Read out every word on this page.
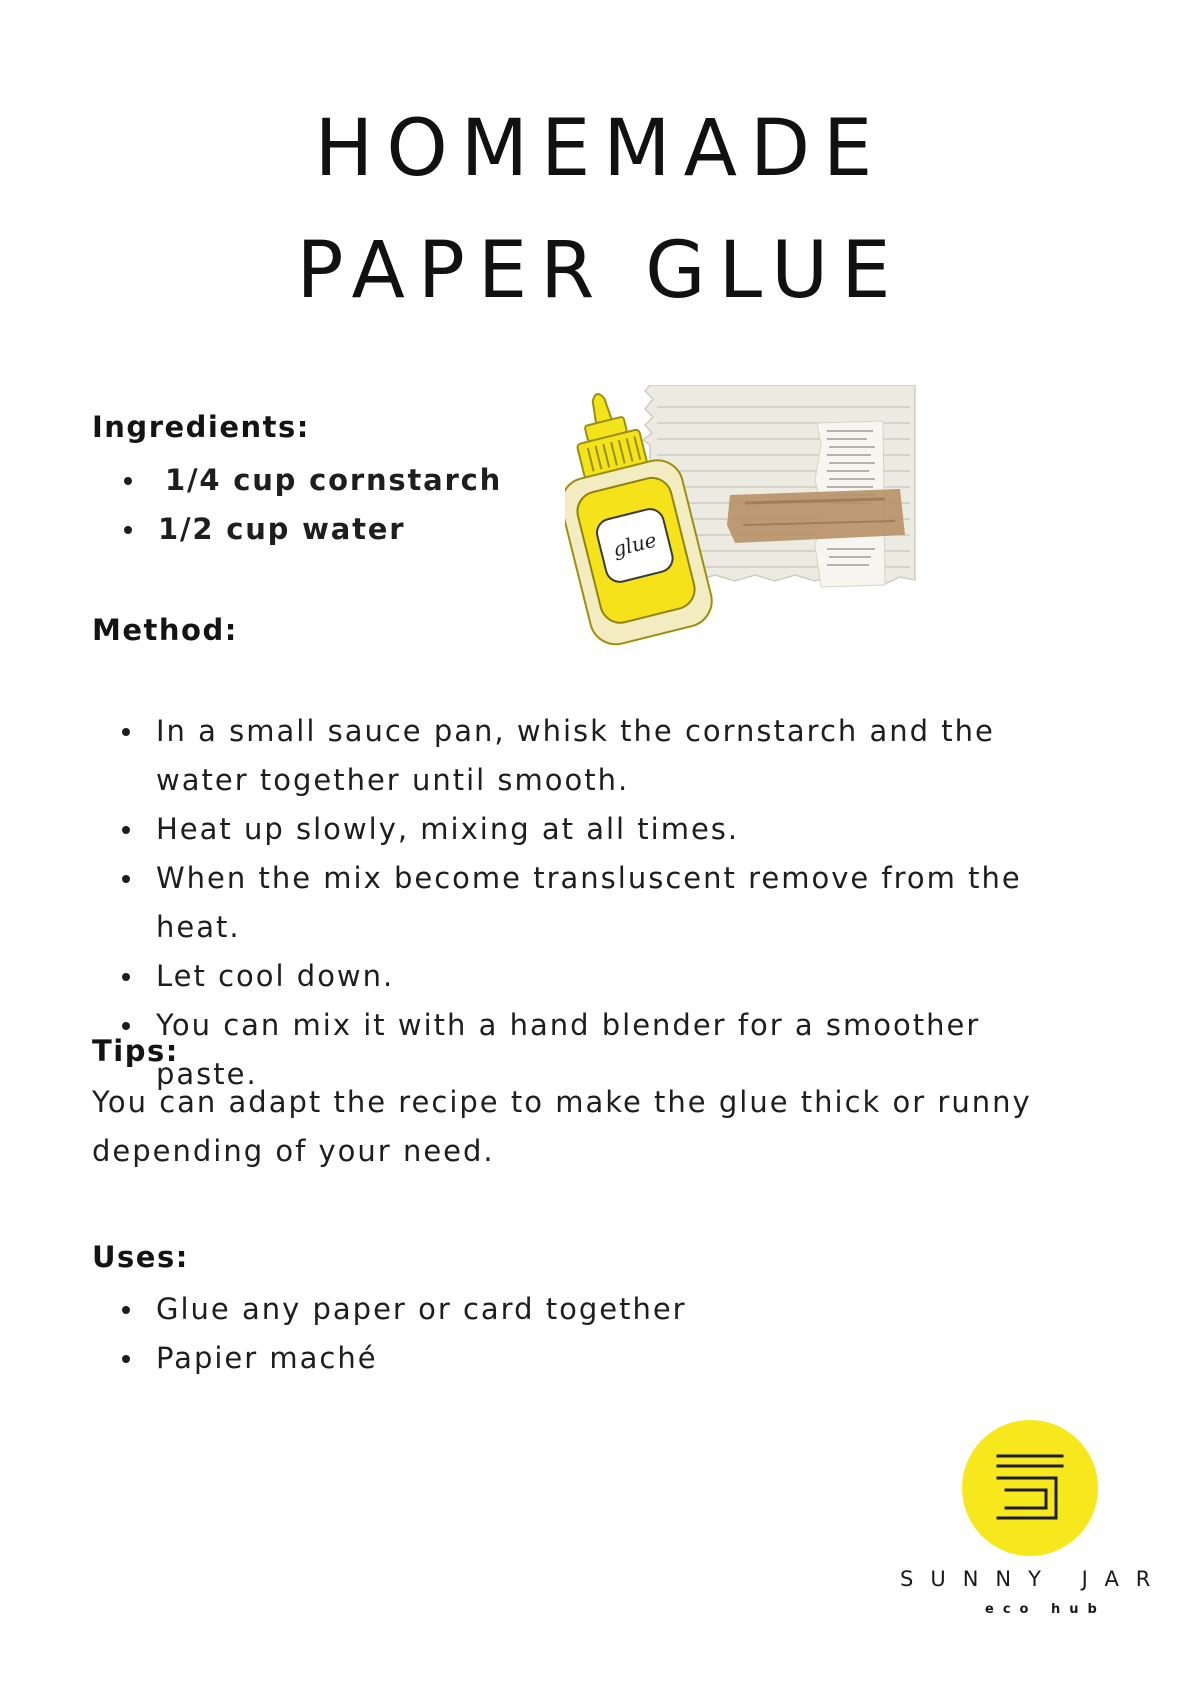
HOMEMADE
PAPER GLUE
Ingredients:
1/4 cup cornstarch
1/2 cup water	glue
Method:
In a small sauce pan, whisk the cornstarch and the water together until smooth.
Heat up slowly, mixing at all times.
When the mix become transluscent remove from the heat.
Let cool down.
You can mix it with a hand blender for a smoother paste.
Tips:

You can adapt the recipe to make the glue thick or runny depending of your need.

Uses:
Glue any paper or card together
Papier maché

SUNNY JAR

eco hub
